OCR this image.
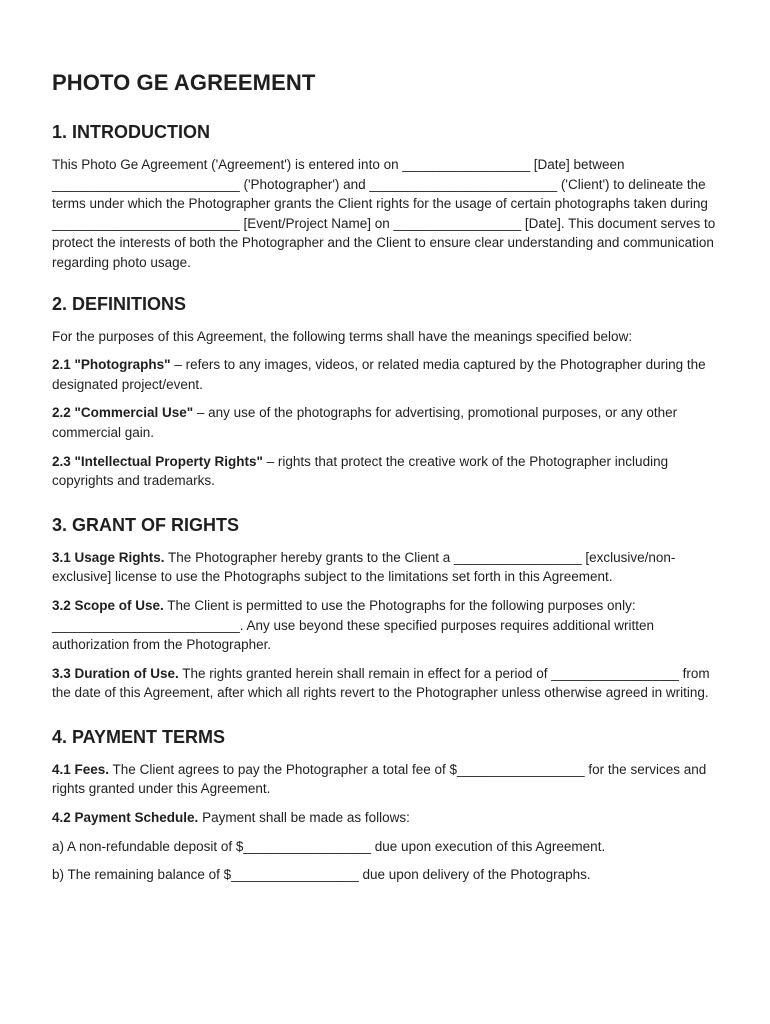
PHOTO GE AGREEMENT
1. INTRODUCTION

This Photo Ge Agreement ('Agreement') is entered into on _________________ [Date] between _________________________ ('Photographer') and _________________________ ('Client') to delineate the terms under which the Photographer grants the Client rights for the usage of certain photographs taken during _________________________ [Event/Project Name] on _________________ [Date]. This document serves to protect the interests of both the Photographer and the Client to ensure clear understanding and communication regarding photo usage.

2. DEFINITIONS

For the purposes of this Agreement, the following terms shall have the meanings specified below:

2.1 "Photographs" – refers to any images, videos, or related media captured by the Photographer during the designated project/event.

2.2 "Commercial Use" – any use of the photographs for advertising, promotional purposes, or any other commercial gain.

2.3 "Intellectual Property Rights" – rights that protect the creative work of the Photographer including copyrights and trademarks.

3. GRANT OF RIGHTS

3.1 Usage Rights. The Photographer hereby grants to the Client a _________________ [exclusive/non-exclusive] license to use the Photographs subject to the limitations set forth in this Agreement.

3.2 Scope of Use. The Client is permitted to use the Photographs for the following purposes only: _________________________. Any use beyond these specified purposes requires additional written authorization from the Photographer.

3.3 Duration of Use. The rights granted herein shall remain in effect for a period of _________________ from the date of this Agreement, after which all rights revert to the Photographer unless otherwise agreed in writing.

4. PAYMENT TERMS

4.1 Fees. The Client agrees to pay the Photographer a total fee of $_________________ for the services and rights granted under this Agreement.

4.2 Payment Schedule. Payment shall be made as follows:

a) A non-refundable deposit of $_________________ due upon execution of this Agreement.

b) The remaining balance of $_________________ due upon delivery of the Photographs.
